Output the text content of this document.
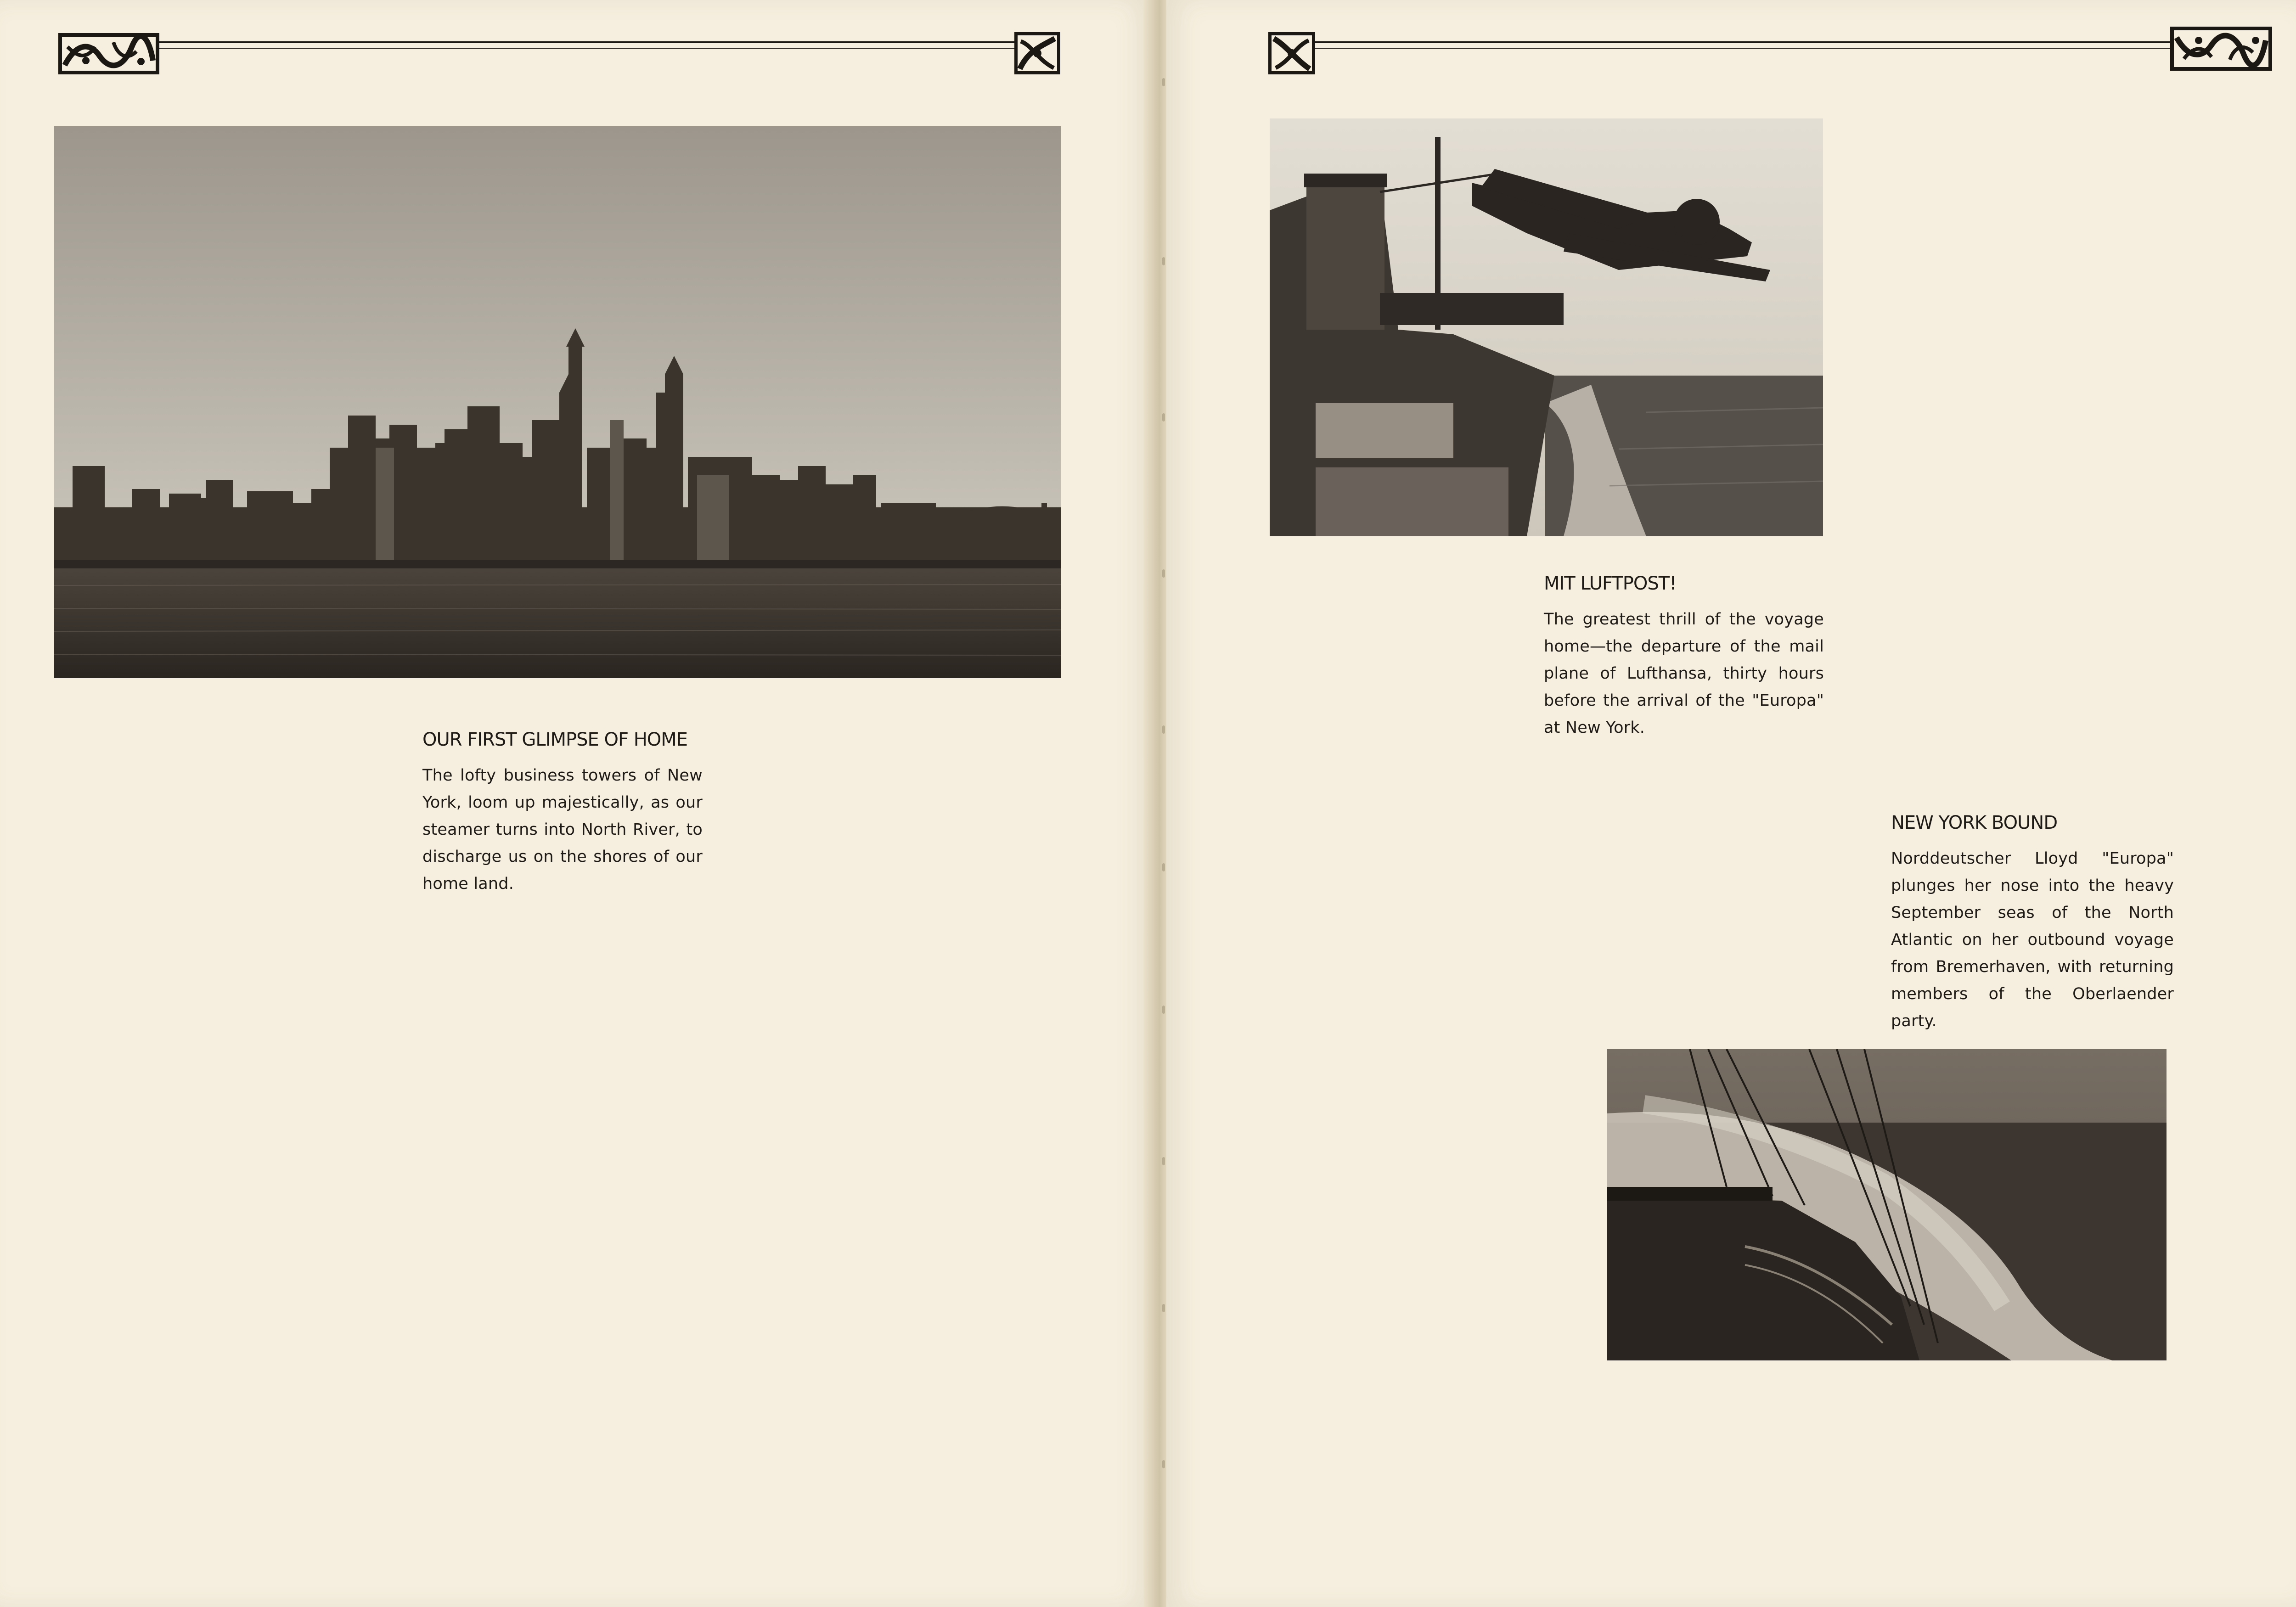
OUR FIRST GLIMPSE OF HOME

The lofty business towers of New York, loom up majestically, as our steamer turns into North River, to discharge us on the shores of our home land.

MIT LUFTPOST!

The greatest thrill of the voyage home—the departure of the mail plane of Lufthansa, thirty hours before the arrival of the "Europa" at New York.

NEW YORK BOUND

Norddeutscher Lloyd "Europa" plunges her nose into the heavy September seas of the North Atlantic on her outbound voyage from Bremerhaven, with returning members of the Oberlaender party.
